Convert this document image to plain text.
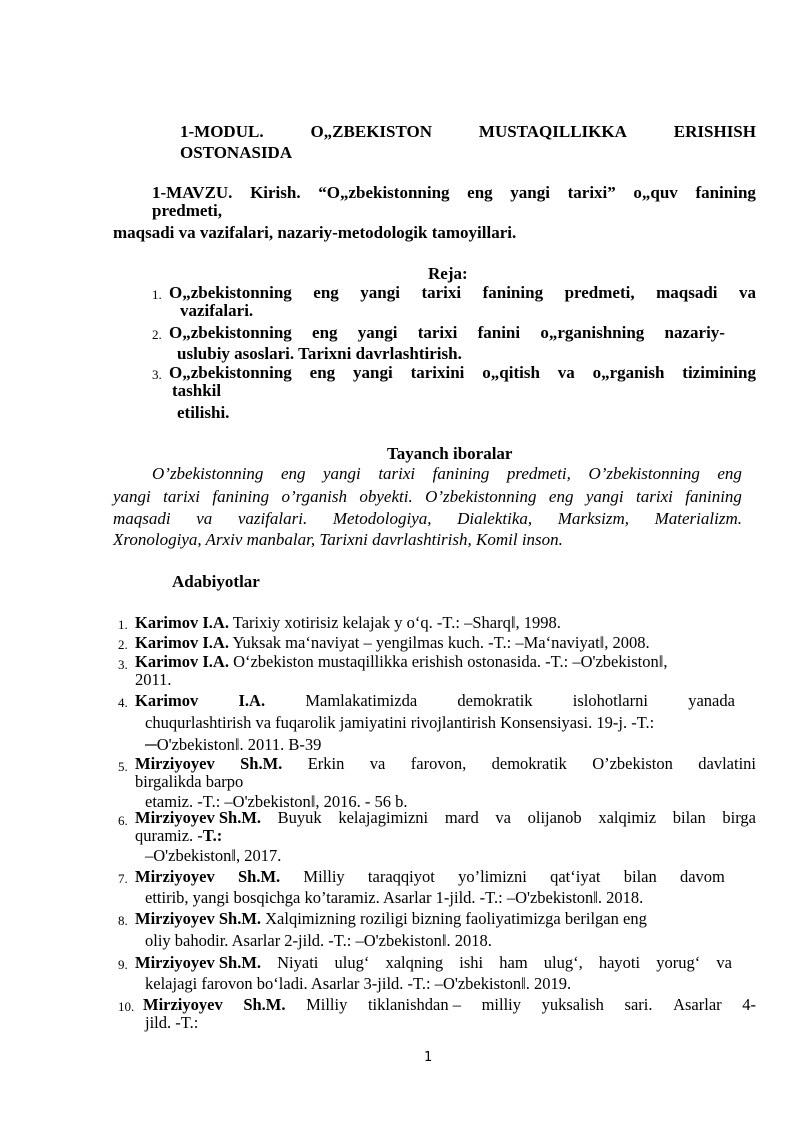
1-MODUL.	O„ZBEKISTON	MUSTAQILLIKKA	ERISHISH
OSTONASIDA
1-MAVZU. Kirish. “O„zbekistonning eng yangi tarixi” o„quv fanining
predmeti,
maqsadi va vazifalari, nazariy-metodologik tamoyillari.
Reja:
1. O„zbekistonning eng yangi tarixi fanining predmeti, maqsadi va
vazifalari.
2. O„zbekistonning eng yangi tarixi fanini o„rganishning nazariy-
uslubiy asoslari. Tarixni davrlashtirish.
3. O„zbekistonning eng yangi tarixini o„qitish va o„rganish tizimining
tashkil
etilishi.
Tayanch iboralar
O’zbekistonning eng yangi tarixi fanining predmeti, O’zbekistonning eng
yangi tarixi fanining o’rganish obyekti. O’zbekistonning eng yangi tarixi fanining
maqsadi va vazifalari. Metodologiya, Dialektika, Marksizm, Materializm.
Xronologiya, Arxiv manbalar, Tarixni davrlashtirish, Komil inson.
Adabiyotlar
1. Karimov I.A. Tarixiy xotirisiz kelajak y o‘q. -T.: –Sharq‖, 1998.
2. Karimov I.A. Yuksak ma‘naviyat – yengilmas kuch. -T.: –Ma‘naviyat‖, 2008.
3. Karimov I.A. O‘zbekiston mustaqillikka erishish ostonasida. -T.: –O'zbekiston‖,
2011.
4. Karimov I.A. Mamlakatimizda demokratik islohotlarni yanada
chuqurlashtirish va fuqarolik jamiyatini rivojlantirish Konsensiyasi. 19-j. -T.:
─O'zbekiston‖. 2011. B-39
5. Mirziyoyev Sh.M. Erkin va farovon, demokratik O’zbekiston davlatini
birgalikda barpo
etamiz. -T.: –O'zbekiston‖, 2016. - 56 b.
6. Mirziyoyev Sh.M. Buyuk kelajagimizni mard va olijanob xalqimiz bilan birga
quramiz. -T.:
–O'zbekiston‖, 2017.
7. Mirziyoyev Sh.M. Milliy taraqqiyot yo’limizni qat‘iyat bilan davom
ettirib, yangi bosqichga ko’taramiz. Asarlar 1-jild. -T.: –O'zbekiston‖. 2018.
8. Mirziyoyev Sh.M. Xalqimizning roziligi bizning faoliyatimizga berilgan eng
oliy bahodir. Asarlar 2-jild. -T.: –O'zbekiston‖. 2018.
9. Mirziyoyev Sh.M. Niyati ulug‘ xalqning ishi ham ulug‘, hayoti yorug‘ va
kelajagi farovon bo‘ladi. Asarlar 3-jild. -T.: –O'zbekiston‖. 2019.
10. Mirziyoyev Sh.M. Milliy tiklanishdan – milliy yuksalish sari. Asarlar 4-
jild. -T.:
1
